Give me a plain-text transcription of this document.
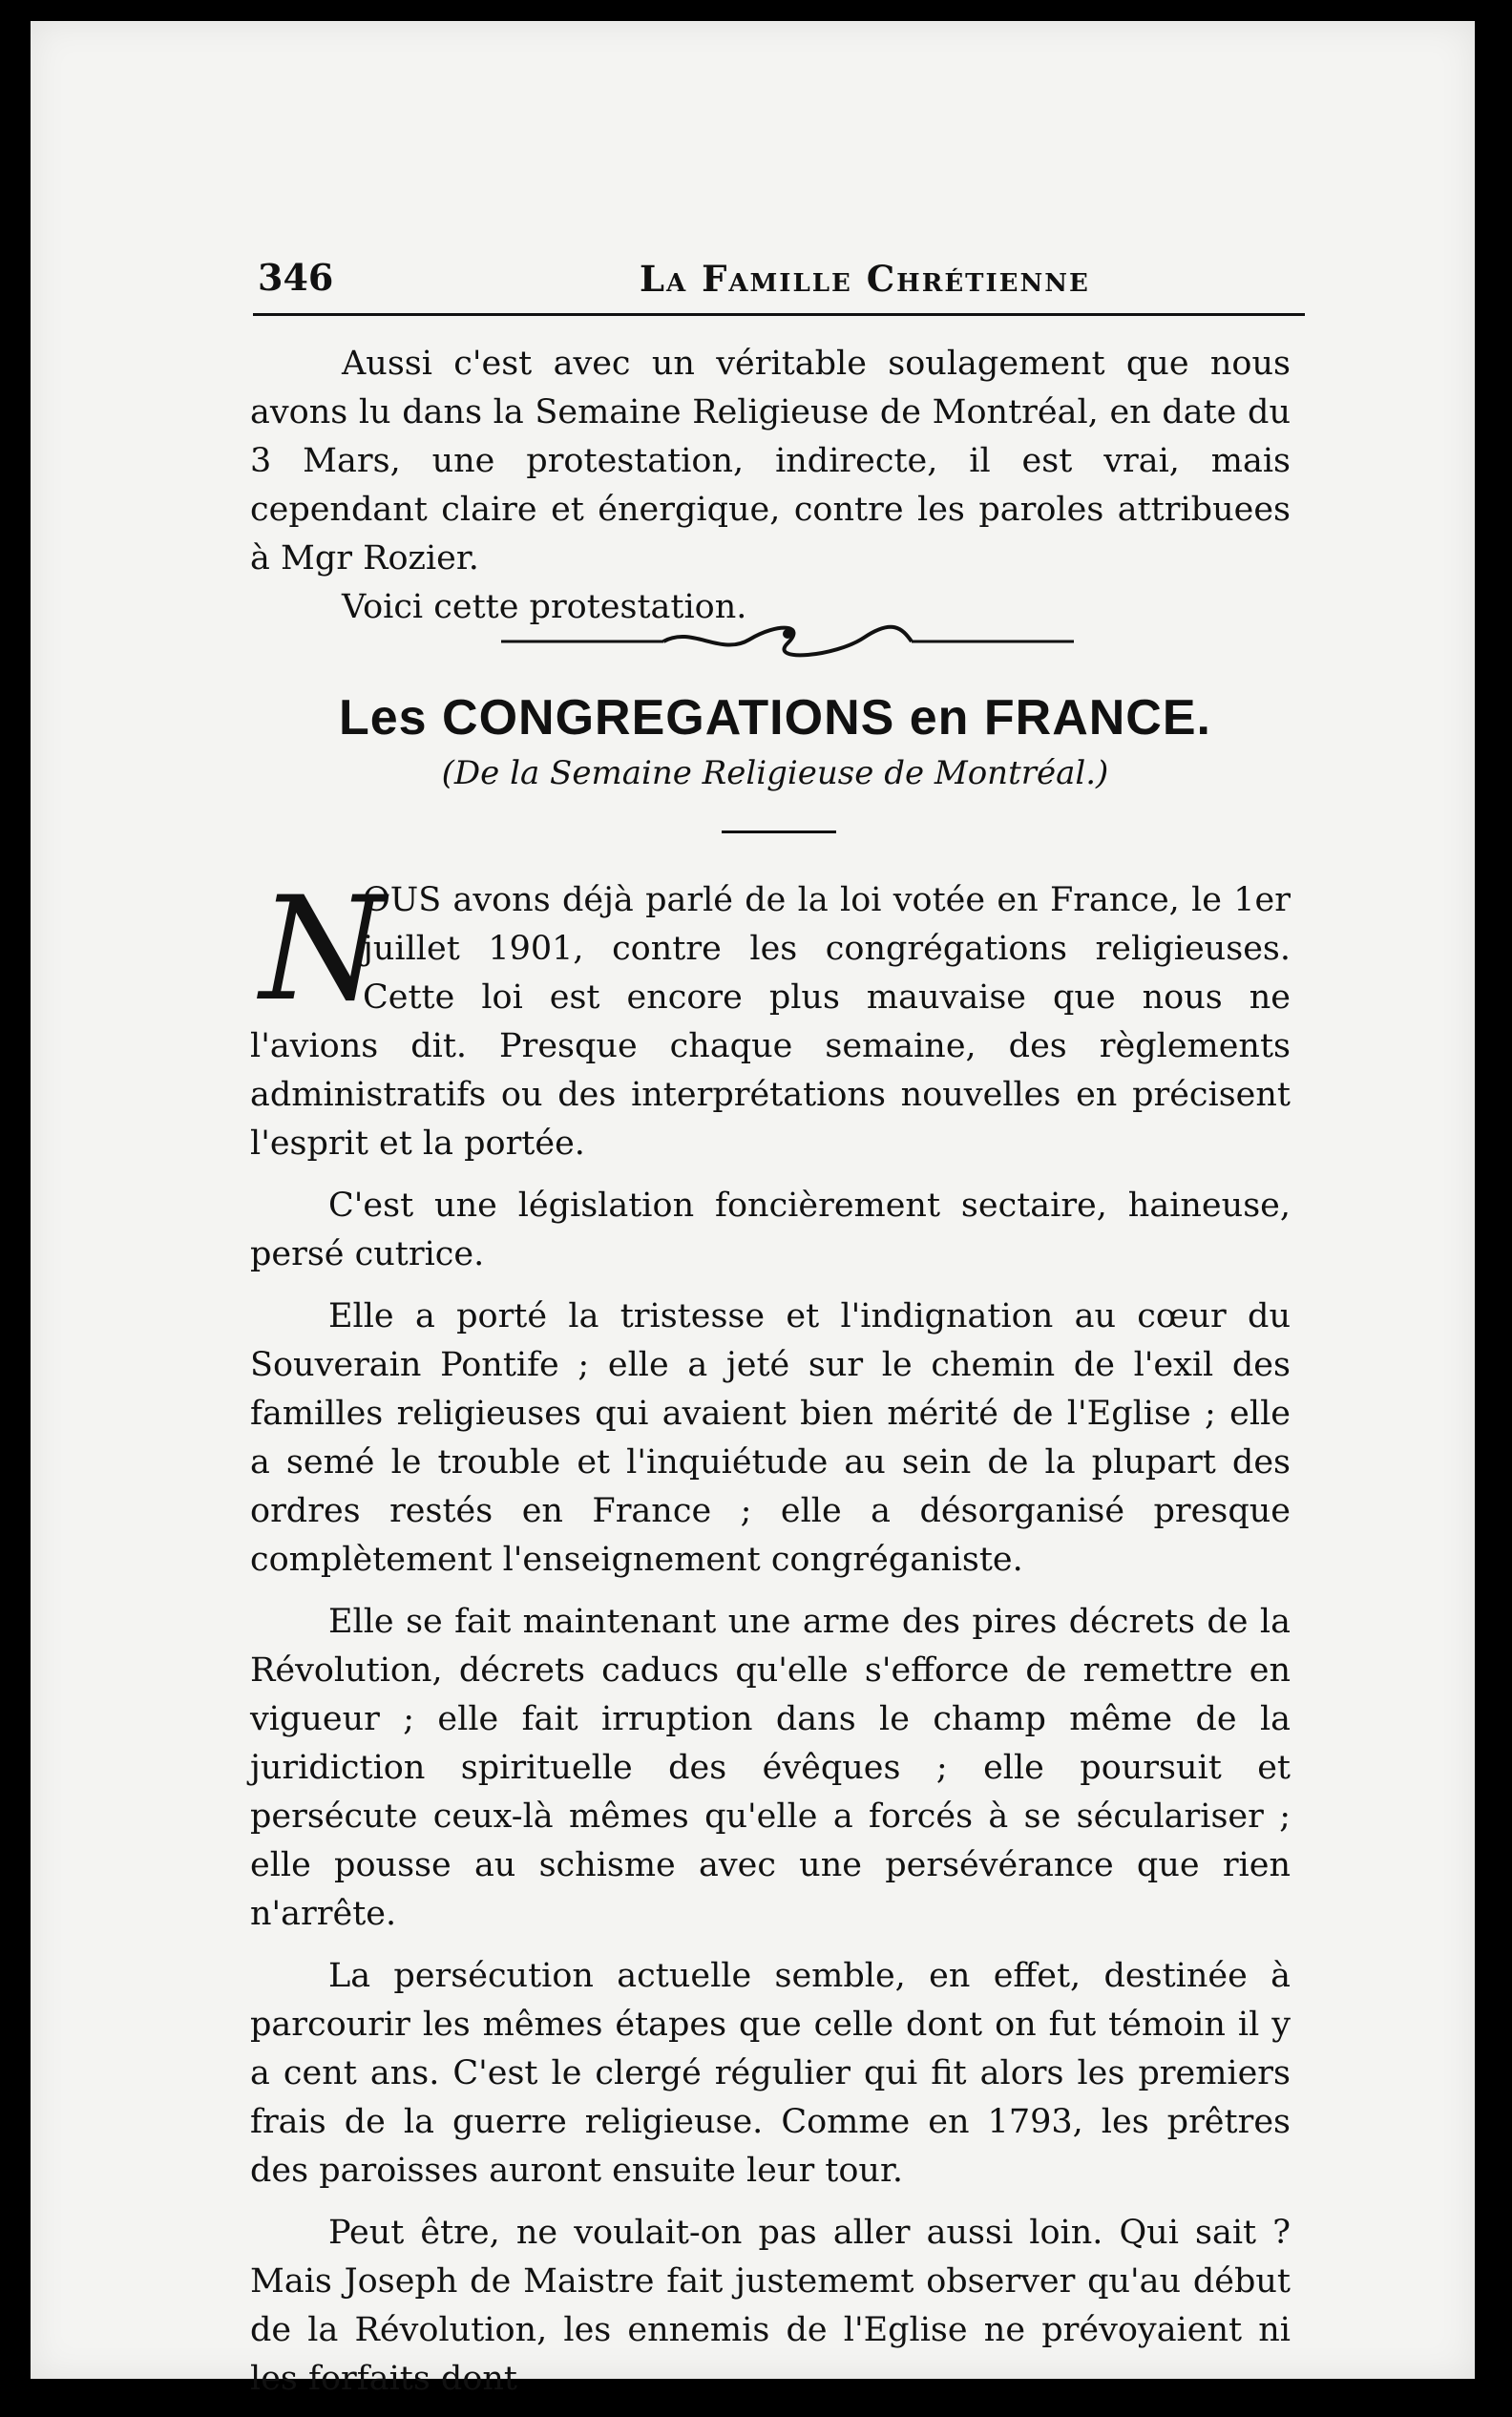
346	La Famille Chrétienne

Aussi c'est avec un véritable soulagement que nous avons lu dans la Semaine Religieuse de Montréal, en date du 3 Mars, une protestation, indirecte, il est vrai, mais cependant claire et énergique, contre les paroles attribuees à Mgr Rozier.

Voici cette protestation.

Les CONGREGATIONS en FRANCE.
(De la Semaine Religieuse de Montréal.)
N

OUS avons déjà parlé de la loi votée en France, le 1er juillet 1901, contre les congrégations religieuses. Cette loi est encore plus mauvaise que nous ne l'avions dit. Presque chaque semaine, des règlements administratifs ou des interprétations nouvelles en précisent l'esprit et la portée.

C'est une législation foncièrement sectaire, haineuse, persé cutrice.

Elle a porté la tristesse et l'indignation au cœur du Souverain Pontife ; elle a jeté sur le chemin de l'exil des familles religieuses qui avaient bien mérité de l'Eglise ; elle a semé le trouble et l'inquiétude au sein de la plupart des ordres restés en France ; elle a désorganisé presque complètement l'enseignement congréganiste.

Elle se fait maintenant une arme des pires décrets de la Révolution, décrets caducs qu'elle s'efforce de remettre en vigueur ; elle fait irruption dans le champ même de la juridiction spirituelle des évêques ; elle poursuit et persécute ceux-là mêmes qu'elle a forcés à se séculariser ; elle pousse au schisme avec une persévérance que rien n'arrête.

La persécution actuelle semble, en effet, destinée à parcourir les mêmes étapes que celle dont on fut témoin il y a cent ans. C'est le clergé régulier qui fit alors les premiers frais de la guerre religieuse. Comme en 1793, les prêtres des paroisses auront ensuite leur tour.

Peut être, ne voulait-on pas aller aussi loin. Qui sait ? Mais Joseph de Maistre fait justememt observer qu'au début de la Révolution, les ennemis de l'Eglise ne prévoyaient ni les forfaits dont
